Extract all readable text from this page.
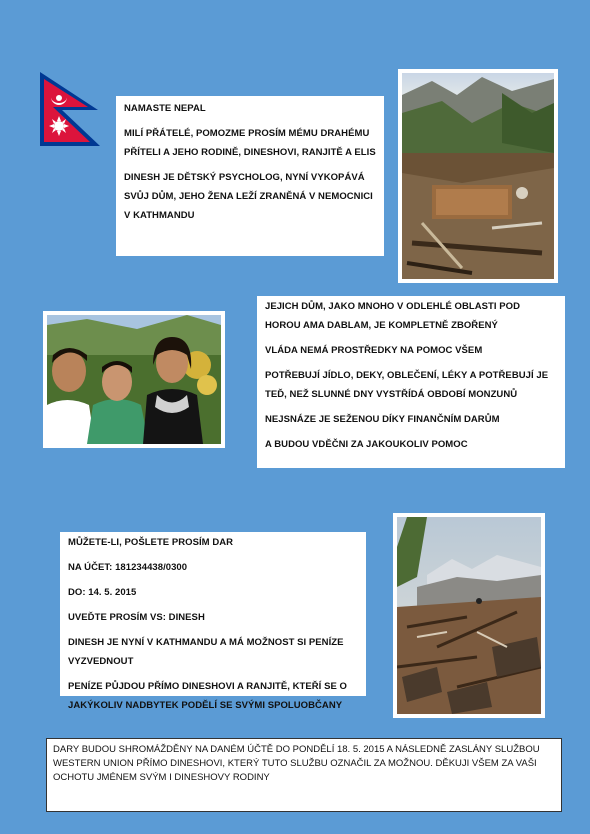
NAMASTE NEPAL

MILÍ PŘÁTELÉ, POMOZME PROSÍM MÉMU DRAHÉMU PŘÍTELI A JEHO RODINĚ, DINESHOVI, RANJITĚ A ELIS

DINESH JE DĚTSKÝ PSYCHOLOG, NYNÍ VYKOPÁVÁ SVŮJ DŮM, JEHO ŽENA LEŽÍ ZRANĚNÁ V NEMOCNICI V KATHMANDU

JEJICH DŮM, JAKO MNOHO V ODLEHLÉ OBLASTI POD HOROU AMA DABLAM, JE KOMPLETNĚ ZBOŘENÝ

VLÁDA NEMÁ PROSTŘEDKY NA POMOC VŠEM

POTŘEBUJÍ JÍDLO, DEKY, OBLEČENÍ, LÉKY A POTŘEBUJÍ JE TEĎ, NEŽ SLUNNÉ DNY VYSTŘÍDÁ OBDOBÍ MONZUNŮ

NEJSNÁZE JE SEŽENOU DÍKY FINANČNÍM DARŮM

A BUDOU VDĚČNI ZA JAKOUKOLIV POMOC

MŮŽETE-LI, POŠLETE PROSÍM DAR

NA ÚČET: 181234438/0300

DO: 14. 5. 2015

UVEĎTE PROSÍM VS: DINESH

DINESH JE NYNÍ V KATHMANDU A MÁ MOŽNOST SI PENÍZE VYZVEDNOUT

PENÍZE PŮJDOU PŘÍMO DINESHOVI A RANJITĚ, KTEŘÍ SE O JAKÝKOLIV NADBYTEK PODĚLÍ SE SVÝMI SPOLUOBČANY

DARY BUDOU SHROMÁŽDĚNY NA DANÉM ÚČTĚ DO PONDĚLÍ 18. 5. 2015 A NÁSLEDNĚ ZASLÁNY SLUŽBOU WESTERN UNION PŘÍMO DINESHOVI, KTERÝ TUTO SLUŽBU OZNAČIL ZA MOŽNOU. DĚKUJI VŠEM ZA VAŠI OCHOTU JMÉNEM SVÝM I DINESHOVY RODINY
